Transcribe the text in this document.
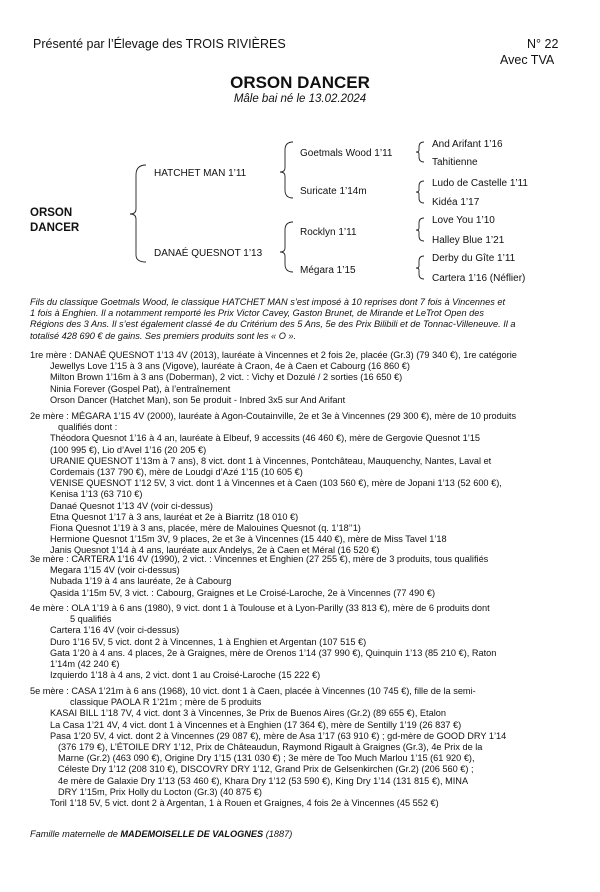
Présenté par l’Élevage des TROIS RIVIÈRES	N° 22
Avec TVA
ORSON DANCER
Mâle bai né le 13.02.2024
ORSON
DANCER
HATCHET MAN 1’11
DANAÉ QUESNOT 1’13
Goetmals Wood 1’11
Suricate 1’14m
Rocklyn 1’11
Mégara 1’15
And Arifant 1’16
Tahitienne
Ludo de Castelle 1’11
Kidéa 1’17
Love You 1’10
Halley Blue 1’21
Derby du Gîte 1’11
Cartera 1’16 (Néflier)
Fils du classique Goetmals Wood, le classique HATCHET MAN s’est imposé à 10 reprises dont 7 fois à Vincennes et
1 fois à Enghien. Il a notamment remporté les Prix Victor Cavey, Gaston Brunet, de Mirande et LeTrot Open des
Régions des 3 Ans. Il s’est également classé 4e du Critérium des 5 Ans, 5e des Prix Bilibili et de Tonnac-Villeneuve. Il a
totalisé 428 690 € de gains. Ses premiers produits sont les « O ».
1re mère : DANAÉ QUESNOT 1’13 4V (2013), lauréate à Vincennes et 2 fois 2e, placée (Gr.3) (79 340 €), 1re catégorie
Jewellys Love 1’15 à 3 ans (Vigove), lauréate à Craon, 4e à Caen et Cabourg (16 860 €)
Milton Brown 1’16m à 3 ans (Doberman), 2 vict. : Vichy et Dozulé / 2 sorties (16 650 €)
Ninia Forever (Gospel Pat), à l’entraînement
Orson Dancer (Hatchet Man), son 5e produit - Inbred 3x5 sur And Arifant
2e mère : MÉGARA 1’15 4V (2000), lauréate à Agon-Coutainville, 2e et 3e à Vincennes (29 300 €), mère de 10 produits
qualifiés dont :
Théodora Quesnot 1’16 à 4 an, lauréate à Elbeuf, 9 accessits (46 460 €), mère de Gergovie Quesnot 1’15
(100 995 €), Lio d’Avel 1’16 (20 205 €)
URANIE QUESNOT 1’13m à 7 ans), 8 vict. dont 1 à Vincennes, Pontchâteau, Mauquenchy, Nantes, Laval et
Cordemais (137 790 €), mère de Loudgi d’Azé 1’15 (10 605 €)
VENISE QUESNOT 1’12 5V, 3 vict. dont 1 à Vincennes et à Caen (103 560 €), mère de Jopani 1’13 (52 600 €),
Kenisa 1’13 (63 710 €)
Danaé Quesnot 1’13 4V (voir ci-dessus)
Etna Quesnot 1’17 à 3 ans, lauréat et 2e à Biarritz (18 010 €)
Fiona Quesnot 1’19 à 3 ans, placée, mère de Malouines Quesnot (q. 1’18’’1)
Hermione Quesnot 1’15m 3V, 9 places, 2e et 3e à Vincennes (15 440 €), mère de Miss Tavel 1’18
Janis Quesnot 1’14 à 4 ans, lauréate aux Andelys, 2e à Caen et Méral (16 520 €)
3e mère : CARTERA 1’16 4V (1990), 2 vict. : Vincennes et Enghien (27 255 €), mère de 3 produits, tous qualifiés
Megara 1’15 4V (voir ci-dessus)
Nubada 1’19 à 4 ans lauréate, 2e à Cabourg
Qasida 1’15m 5V, 3 vict. : Cabourg, Graignes et Le Croisé-Laroche, 2e à Vincennes (77 490 €)
4e mère : OLA 1’19 à 6 ans (1980), 9 vict. dont 1 à Toulouse et à Lyon-Parilly (33 813 €), mère de 6 produits dont
5 qualifiés
Cartera 1’16 4V (voir ci-dessus)
Duro 1’16 5V, 5 vict. dont 2 à Vincennes, 1 à Enghien et Argentan (107 515 €)
Gata 1’20 à 4 ans. 4 places, 2e à Graignes, mère de Orenos 1’14 (37 990 €), Quinquin 1’13 (85 210 €), Raton
1’14m (42 240 €)
Izquierdo 1’18 à 4 ans, 2 vict. dont 1 au Croisé-Laroche (15 222 €)
5e mère : CASA 1’21m à 6 ans (1968), 10 vict. dont 1 à Caen, placée à Vincennes (10 745 €), fille de la semi-
classique PAOLA R 1’21m ; mère de 5 produits
KASAI BILL 1’18 7V, 4 vict. dont 3 à Vincennes, 3e Prix de Buenos Aires (Gr.2) (89 655 €), Etalon
La Casa 1’21 4V, 4 vict. dont 1 à Vincennes et à Enghien (17 364 €), mère de Sentilly 1’19 (26 837 €)
Pasa 1’20 5V, 4 vict. dont 2 à Vincennes (29 087 €), mère de Asa 1’17 (63 910 €) ; gd-mère de GOOD DRY 1’14
(376 179 €), L’ÉTOILE DRY 1’12, Prix de Châteaudun, Raymond Rigault à Graignes (Gr.3), 4e Prix de la
Marne (Gr.2) (463 090 €), Origine Dry 1’15 (131 030 €) ; 3e mère de Too Much Marlou 1’15 (61 920 €),
Céleste Dry 1’12 (208 310 €), DISCOVRY DRY 1’12, Grand Prix de Gelsenkirchen (Gr.2) (206 560 €) ;
4e mère de Galaxie Dry 1’13 (53 460 €), Khara Dry 1’12 (53 590 €), King Dry 1’14 (131 815 €), MINA
DRY 1’15m, Prix Holly du Locton (Gr.3) (40 875 €)
Toril 1’18 5V, 5 vict. dont 2 à Argentan, 1 à Rouen et Graignes, 4 fois 2e à Vincennes (45 552 €)
Famille maternelle de MADEMOISELLE DE VALOGNES (1887)
